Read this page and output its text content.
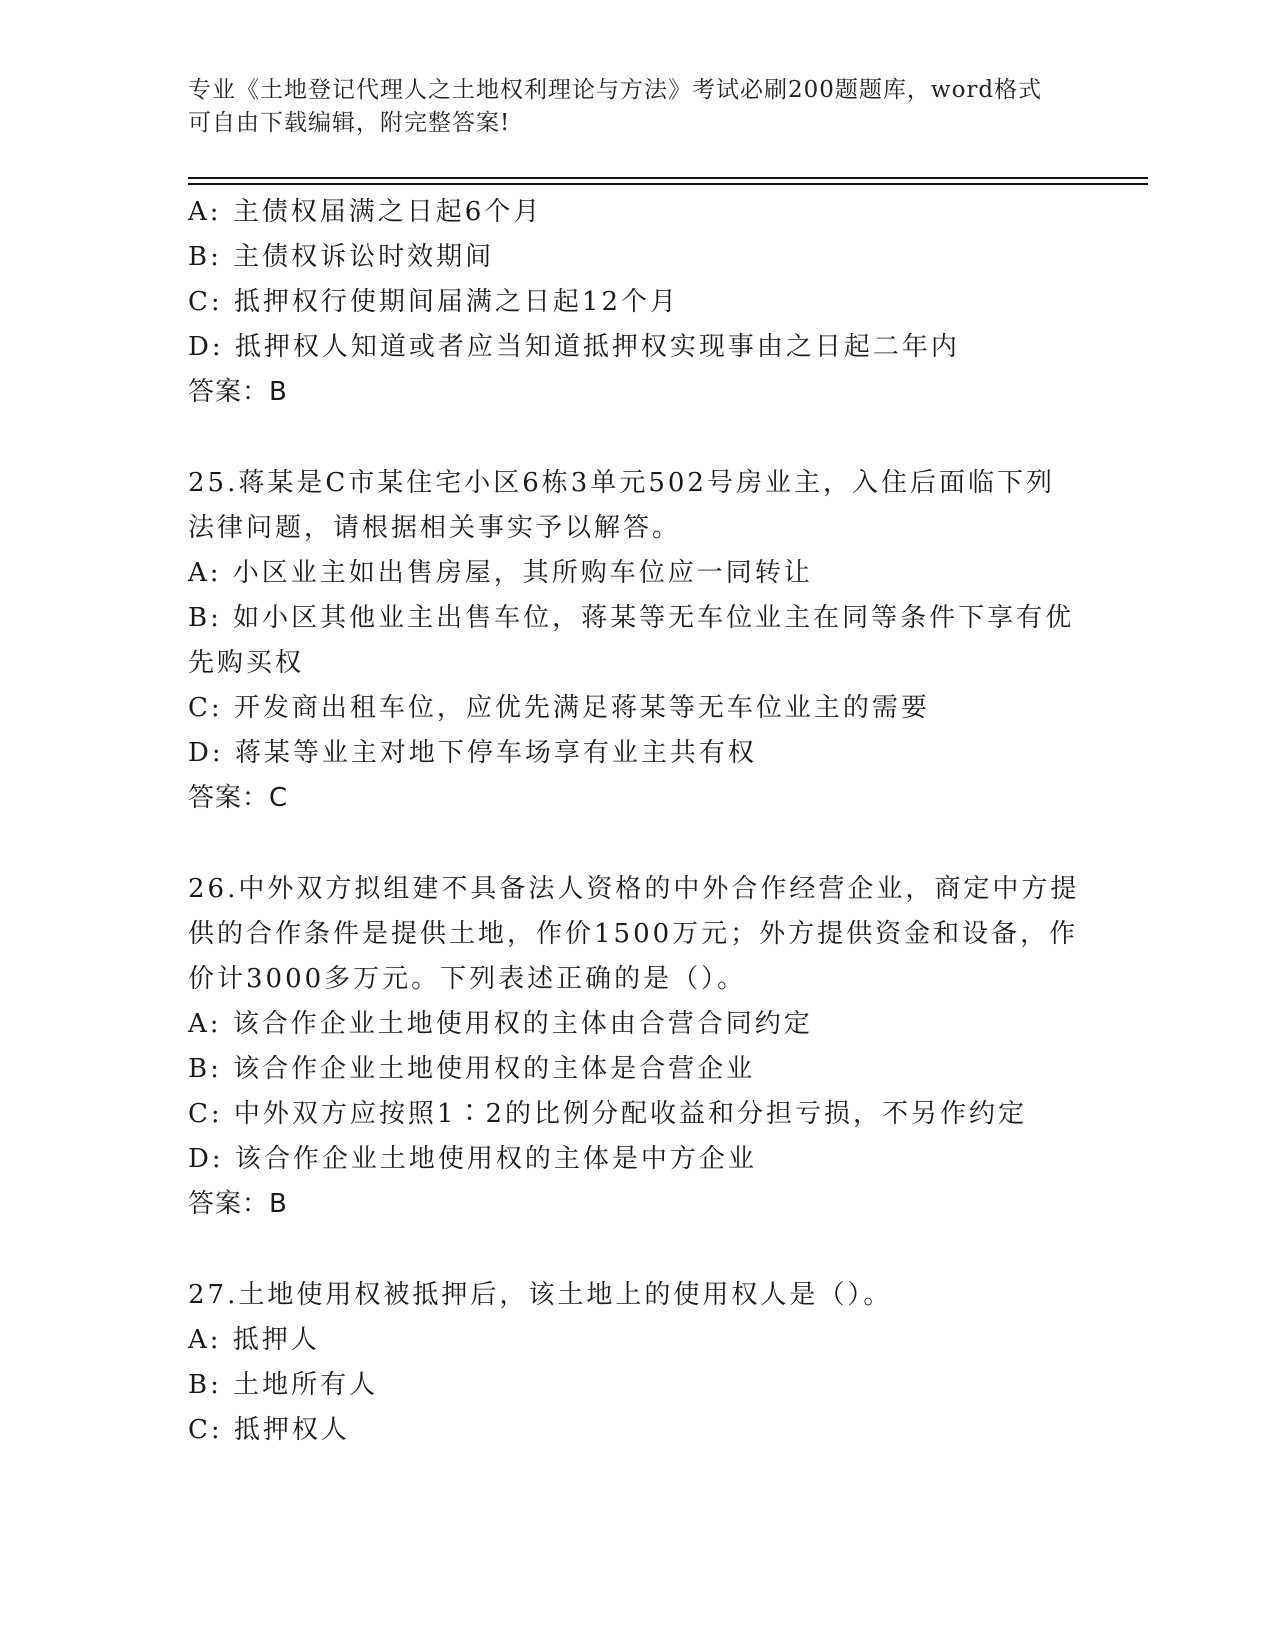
专业《土地登记代理人之土地权利理论与方法》考试必刷200题题库，word格式
可自由下载编辑，附完整答案!
A: 主债权届满之日起6个月
B: 主债权诉讼时效期间
C: 抵押权行使期间届满之日起12个月
D: 抵押权人知道或者应当知道抵押权实现事由之日起二年内
答案：B
25.蒋某是C市某住宅小区6栋3单元502号房业主，入住后面临下列
法律问题，请根据相关事实予以解答。
A: 小区业主如出售房屋，其所购车位应一同转让
B: 如小区其他业主出售车位，蒋某等无车位业主在同等条件下享有优
先购买权
C: 开发商出租车位，应优先满足蒋某等无车位业主的需要
D: 蒋某等业主对地下停车场享有业主共有权
答案：C
26.中外双方拟组建不具备法人资格的中外合作经营企业，商定中方提
供的合作条件是提供土地，作价1500万元；外方提供资金和设备，作
价计3000多万元。下列表述正确的是（）。
A: 该合作企业土地使用权的主体由合营合同约定
B: 该合作企业土地使用权的主体是合营企业
C: 中外双方应按照1∶2的比例分配收益和分担亏损，不另作约定
D: 该合作企业土地使用权的主体是中方企业
答案：B
27.土地使用权被抵押后，该土地上的使用权人是（）。
A: 抵押人
B: 土地所有人
C: 抵押权人
